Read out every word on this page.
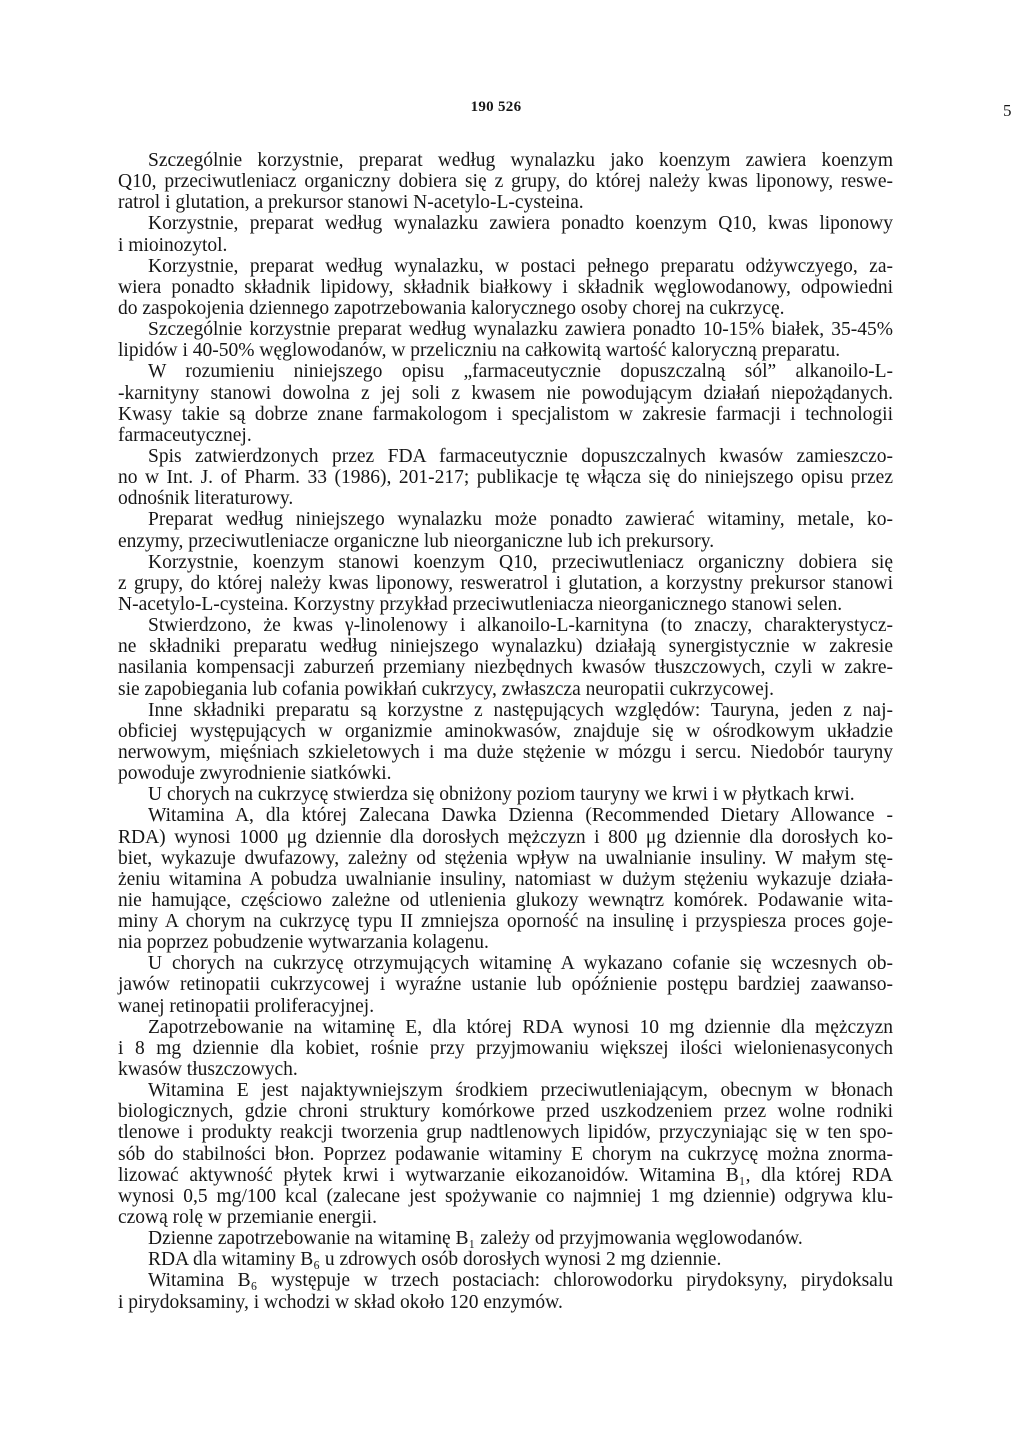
190 526	5
Szczególnie korzystnie, preparat według wynalazku jako koenzym zawiera koenzym
Q10, przeciwutleniacz organiczny dobiera się z grupy, do której należy kwas liponowy, reswe-
ratrol i glutation, a prekursor stanowi N-acetylo-L-cysteina.
Korzystnie, preparat według wynalazku zawiera ponadto koenzym Q10, kwas liponowy
i mioinozytol.
Korzystnie, preparat według wynalazku, w postaci pełnego preparatu odżywczyego, za-
wiera ponadto składnik lipidowy, składnik białkowy i składnik węglowodanowy, odpowiedni
do zaspokojenia dziennego zapotrzebowania kalorycznego osoby chorej na cukrzycę.
Szczególnie korzystnie preparat według wynalazku zawiera ponadto 10-15% białek, 35-45%
lipidów i 40-50% węglowodanów, w przeliczniu na całkowitą wartość kaloryczną preparatu.
W rozumieniu niniejszego opisu „farmaceutycznie dopuszczalną sól” alkanoilo-L-
-karnityny stanowi dowolna z jej soli z kwasem nie powodującym działań niepożądanych.
Kwasy takie są dobrze znane farmakologom i specjalistom w zakresie farmacji i technologii
farmaceutycznej.
Spis zatwierdzonych przez FDA farmaceutycznie dopuszczalnych kwasów zamieszczo-
no w Int. J. of Pharm. 33 (1986), 201-217; publikacje tę włącza się do niniejszego opisu przez
odnośnik literaturowy.
Preparat według niniejszego wynalazku może ponadto zawierać witaminy, metale, ko-
enzymy, przeciwutleniacze organiczne lub nieorganiczne lub ich prekursory.
Korzystnie, koenzym stanowi koenzym Q10, przeciwutleniacz organiczny dobiera się
z grupy, do której należy kwas liponowy, resweratrol i glutation, a korzystny prekursor stanowi
N-acetylo-L-cysteina. Korzystny przykład przeciwutleniacza nieorganicznego stanowi selen.
Stwierdzono, że kwas γ-linolenowy i alkanoilo-L-karnityna (to znaczy, charakterystycz-
ne składniki preparatu według niniejszego wynalazku) działają synergistycznie w zakresie
nasilania kompensacji zaburzeń przemiany niezbędnych kwasów tłuszczowych, czyli w zakre-
sie zapobiegania lub cofania powikłań cukrzycy, zwłaszcza neuropatii cukrzycowej.
Inne składniki preparatu są korzystne z następujących względów: Tauryna, jeden z naj-
obficiej występujących w organizmie aminokwasów, znajduje się w ośrodkowym układzie
nerwowym, mięśniach szkieletowych i ma duże stężenie w mózgu i sercu. Niedobór tauryny
powoduje zwyrodnienie siatkówki.
U chorych na cukrzycę stwierdza się obniżony poziom tauryny we krwi i w płytkach krwi.
Witamina A, dla której Zalecana Dawka Dzienna (Recommended Dietary Allowance -
RDA) wynosi 1000 μg dziennie dla dorosłych mężczyzn i 800 μg dziennie dla dorosłych ko-
biet, wykazuje dwufazowy, zależny od stężenia wpływ na uwalnianie insuliny. W małym stę-
żeniu witamina A pobudza uwalnianie insuliny, natomiast w dużym stężeniu wykazuje działa-
nie hamujące, częściowo zależne od utlenienia glukozy wewnątrz komórek. Podawanie wita-
miny A chorym na cukrzycę typu II zmniejsza oporność na insulinę i przyspiesza proces goje-
nia poprzez pobudzenie wytwarzania kolagenu.
U chorych na cukrzycę otrzymujących witaminę A wykazano cofanie się wczesnych ob-
jawów retinopatii cukrzycowej i wyraźne ustanie lub opóźnienie postępu bardziej zaawanso-
wanej retinopatii proliferacyjnej.
Zapotrzebowanie na witaminę E, dla której RDA wynosi 10 mg dziennie dla mężczyzn
i 8 mg dziennie dla kobiet, rośnie przy przyjmowaniu większej ilości wielonienasyconych
kwasów tłuszczowych.
Witamina E jest najaktywniejszym środkiem przeciwutleniającym, obecnym w błonach
biologicznych, gdzie chroni struktury komórkowe przed uszkodzeniem przez wolne rodniki
tlenowe i produkty reakcji tworzenia grup nadtlenowych lipidów, przyczyniając się w ten spo-
sób do stabilności błon. Poprzez podawanie witaminy E chorym na cukrzycę można znorma-
lizować aktywność płytek krwi i wytwarzanie eikozanoidów. Witamina B₁, dla której RDA
wynosi 0,5 mg/100 kcal (zalecane jest spożywanie co najmniej 1 mg dziennie) odgrywa klu-
czową rolę w przemianie energii.
Dzienne zapotrzebowanie na witaminę B₁ zależy od przyjmowania węglowodanów.
RDA dla witaminy B₆ u zdrowych osób dorosłych wynosi 2 mg dziennie.
Witamina B₆ występuje w trzech postaciach: chlorowodorku pirydoksyny, pirydoksalu
i pirydoksaminy, i wchodzi w skład około 120 enzymów.
